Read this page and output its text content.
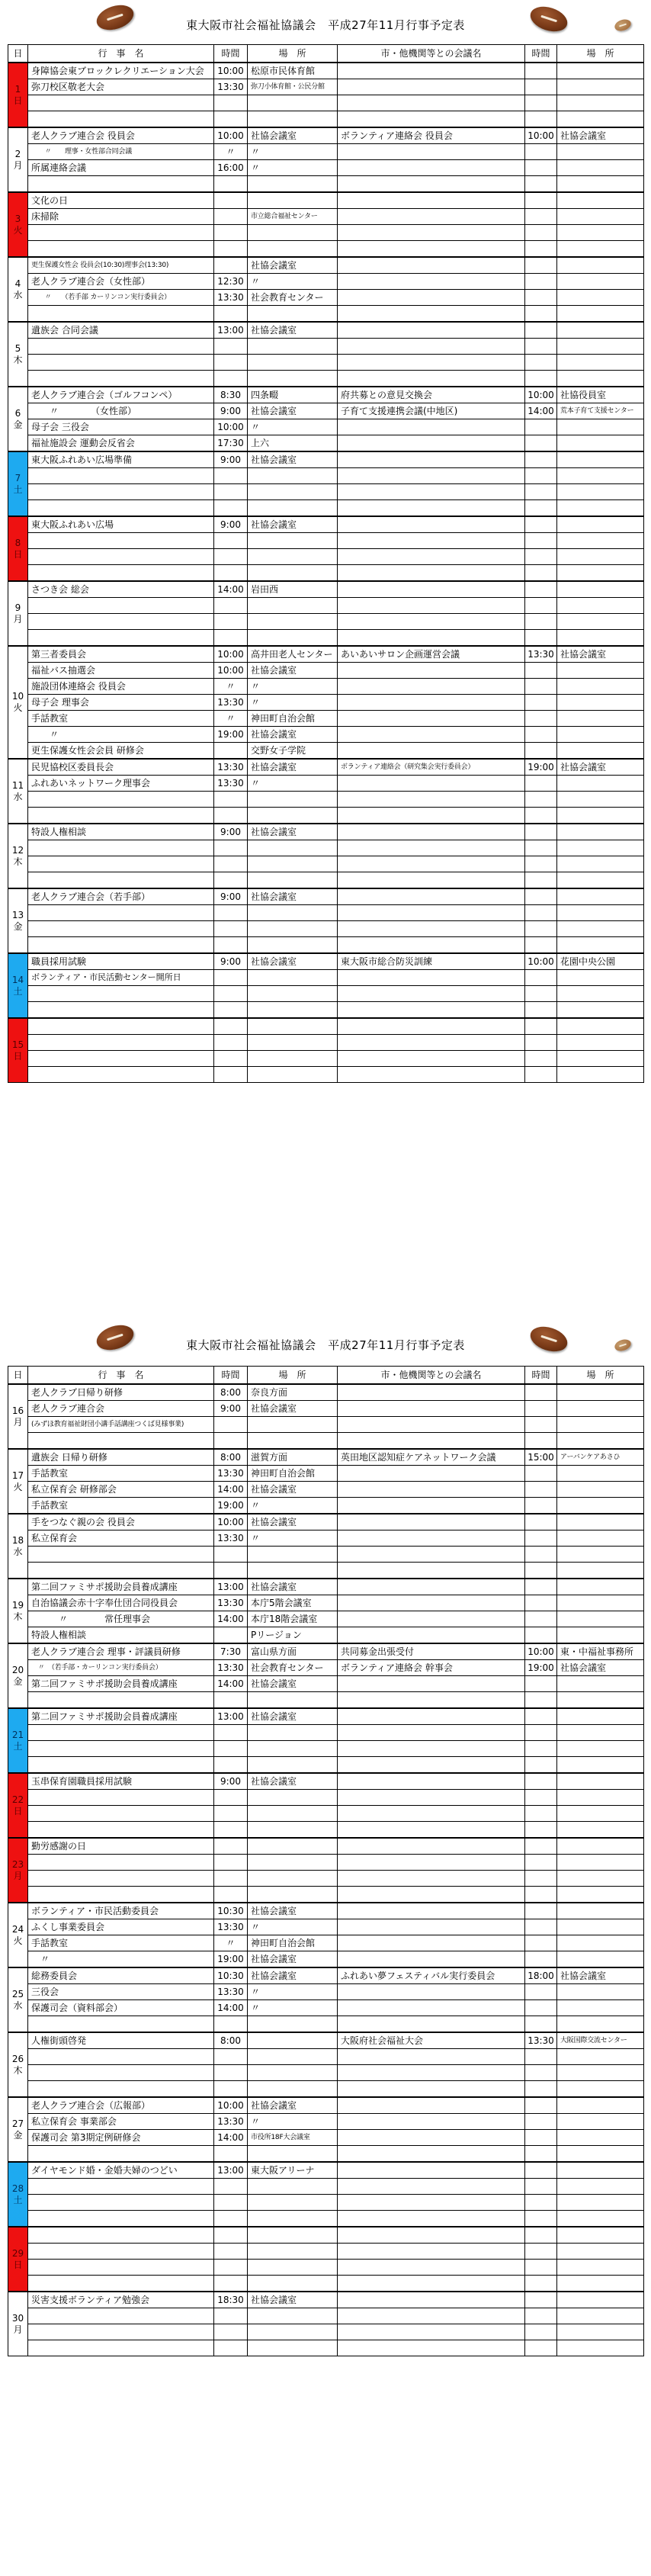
東大阪市社会福祉協議会　平成27年11月行事予定表
日	行　事　名	時間	場　所	市・他機関等との会議名	時間	場　所

1
日	身障協会東ブロックレクリエーション大会	10:00	松原市民体育館			
	弥刀校区敬老大会	13:30	弥刀小体育館・公民分館			

2
月	老人クラブ連合会 役員会	10:00	社協会議室	ボランティア連絡会 役員会	10:00	社協会議室
	　　〃　　理事・女性部合同会議	〃	〃			
	所属連絡会議	16:00	〃			

3
火	文化の日					
	床掃除		市立総合福祉センター			

4
水	更生保護女性会 役員会(10:30)理事会(13:30)		社協会議室			
	老人クラブ連合会（女性部）	12:30	〃			
	　　〃　　（若手部 カーリンコン実行委員会）	13:30	社会教育センター			

5
木	遺族会 合同会議	13:00	社協会議室			

6
金	老人クラブ連合会（ゴルフコンペ）	8:30	四条畷	府共募との意見交換会	10:00	社協役員室
	　　〃　　　　（女性部）	9:00	社協会議室	子育て支援連携会議(中地区)	14:00	荒本子育て支援センター
	母子会 三役会	10:00	〃			
	福祉施設会 運動会反省会	17:30	上六			

7
土	東大阪ふれあい広場準備	9:00	社協会議室			

8
日	東大阪ふれあい広場	9:00	社協会議室			

9
月	さつき会 総会	14:00	岩田西			

10
火	第三者委員会	10:00	高井田老人センター	あいあいサロン企画運営会議	13:30	社協会議室
	福祉バス抽選会	10:00	社協会議室			
	施設団体連絡会 役員会	〃	〃			
	母子会 理事会	13:30	〃			
	手話教室	〃	神田町自治会館			
	　　〃	19:00	社協会議室			
	更生保護女性会会員 研修会		交野女子学院			

11
水	民児協校区委員長会	13:30	社協会議室	ボランティア連絡会（研究集会実行委員会）	19:00	社協会議室
	ふれあいネットワーク理事会	13:30	〃			

12
木	特設人権相談	9:00	社協会議室			

13
金	老人クラブ連合会（若手部）	9:00	社協会議室			

14
土	職員採用試験	9:00	社協会議室	東大阪市総合防災訓練	10:00	花園中央公園
	ボランティア・市民活動センター開所日					

15
日						

東大阪市社会福祉協議会　平成27年11月行事予定表
日	行　事　名	時間	場　所	市・他機関等との会議名	時間	場　所

16
月	老人クラブ日帰り研修	8:00	奈良方面			
	老人クラブ連合会	9:00	社協会議室			
	(みずほ教育福祉財団小講手話講座つくば見様事業)					

17
火	遺族会 日帰り研修	8:00	滋賀方面	英田地区認知症ケアネットワーク会議	15:00	アーバンケアあさひ
	手話教室	13:30	神田町自治会館			
	私立保育会 研修部会	14:00	社協会議室			
	手話教室	19:00	〃			

18
水	手をつなぐ親の会 役員会	10:00	社協会議室			
	私立保育会	13:30	〃			

19
木	第二回ファミサポ援助会員養成講座	13:00	社協会議室			
	自治協議会赤十字奉仕団合同役員会	13:30	本庁5階会議室			
	　　　〃　　　　常任理事会	14:00	本庁18階会議室			
	特設人権相談		Pリージョン			

20
金	老人クラブ連合会 理事・評議員研修	7:30	富山県方面	共同募金出張受付	10:00	東・中福祉事務所
	　〃　（若手部・カーリンコン実行委員会）	13:30	社会教育センター	ボランティア連絡会 幹事会	19:00	社協会議室
	第二回ファミサポ援助会員養成講座	14:00	社協会議室			

21
土	第二回ファミサポ援助会員養成講座	13:00	社協会議室			

22
日	玉串保育園職員採用試験	9:00	社協会議室			

23
月	勤労感謝の日					

24
火	ボランティア・市民活動委員会	10:30	社協会議室			
	ふくし事業委員会	13:30	〃			
	手話教室	〃	神田町自治会館			
	　〃	19:00	社協会議室			

25
水	総務委員会	10:30	社協会議室	ふれあい夢フェスティバル実行委員会	18:00	社協会議室
	三役会	13:30	〃			
	保護司会（資料部会）	14:00	〃			

26
木	人権街頭啓発	8:00		大阪府社会福祉大会	13:30	大阪国際交流センター

27
金	老人クラブ連合会（広報部）	10:00	社協会議室			
	私立保育会 事業部会	13:30	〃			
	保護司会 第3期定例研修会	14:00	市役所18F大会議室			

28
土	ダイヤモンド婚・金婚夫婦のつどい	13:00	東大阪アリーナ			

29
日						

30
月	災害支援ボランティア勉強会	18:30	社協会議室			
